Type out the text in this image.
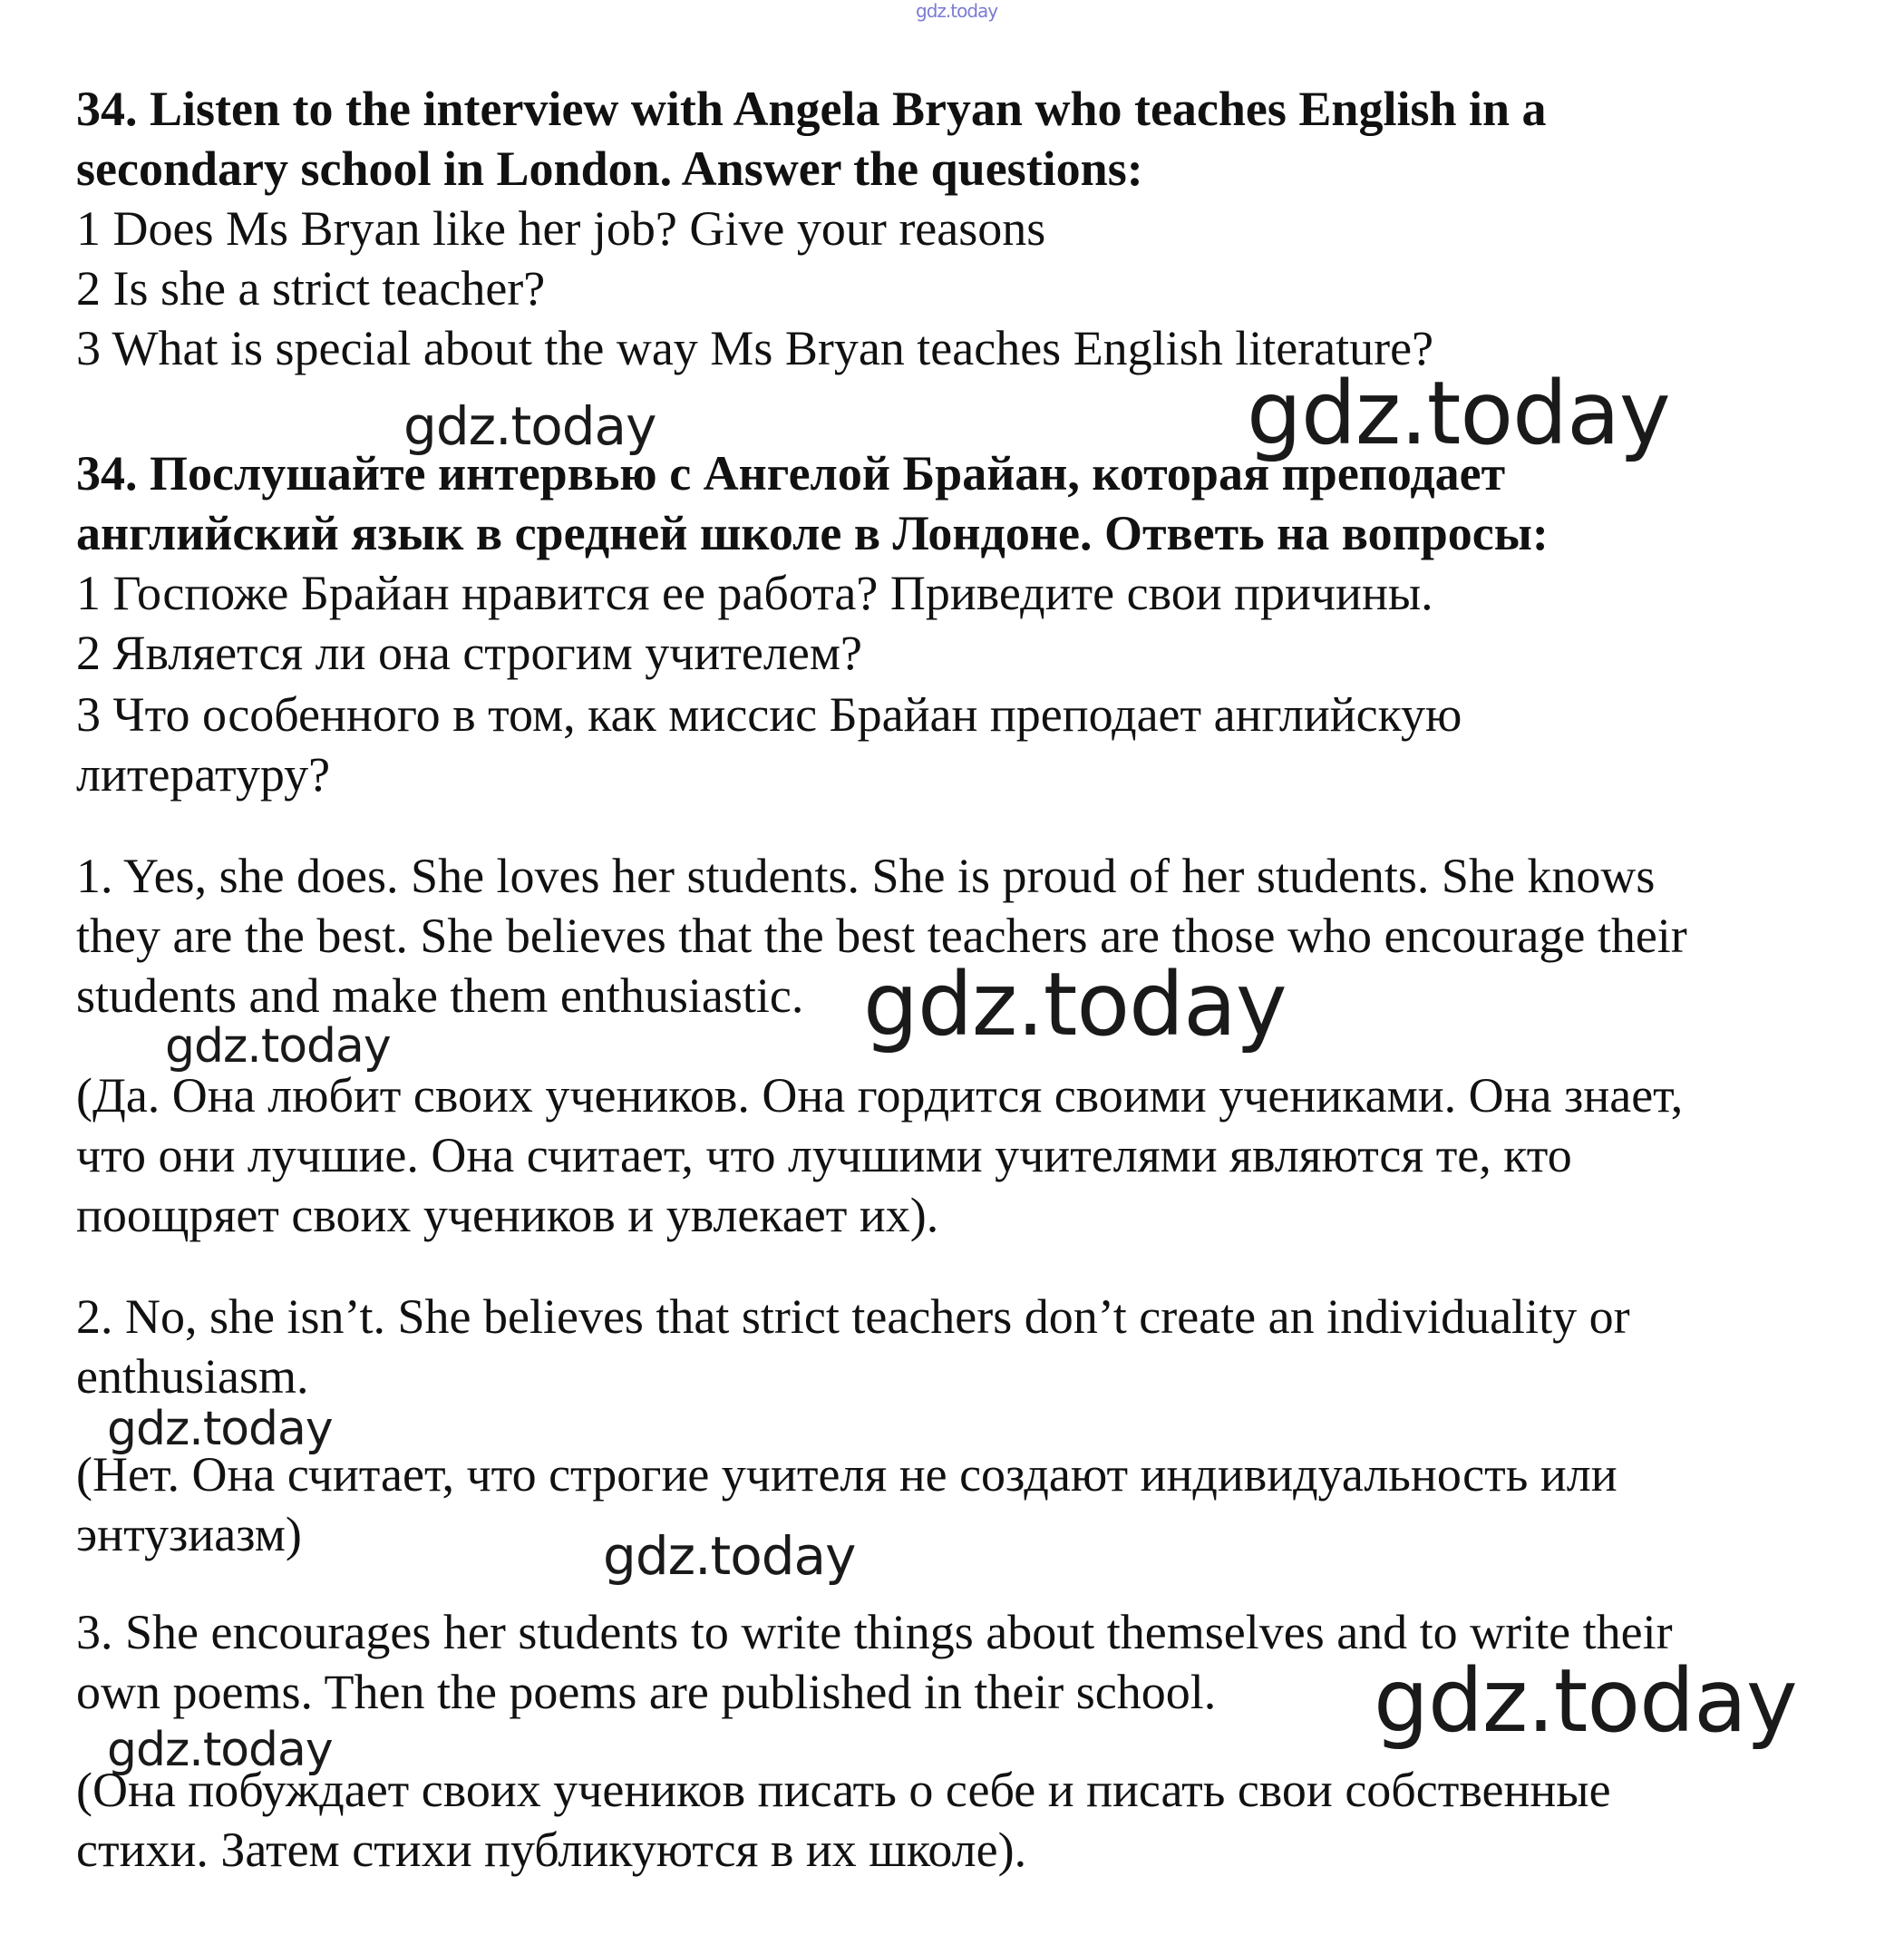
gdz.today

34. Listen to the interview with Angela Bryan who teaches English in a

secondary school in London. Answer the questions:

1 Does Ms Bryan like her job? Give your reasons

2 Is she a strict teacher?

3 What is special about the way Ms Bryan teaches English literature?

gdz.today	gdz.today

34. Послушайте интервью с Ангелой Брайан, которая преподает

английский язык в средней школе в Лондоне. Ответь на вопросы:

1 Госпоже Брайан нравится ее работа? Приведите свои причины.

2 Является ли она строгим учителем?

3 Что особенного в том, как миссис Брайан преподает английскую

литературу?

1. Yes, she does. She loves her students. She is proud of her students. She knows

they are the best. She believes that the best teachers are those who encourage their

students and make them enthusiastic. gdz.today
gdz.today

(Да. Она любит своих учеников. Она гордится своими учениками. Она знает,

что они лучшие. Она считает, что лучшими учителями являются те, кто

поощряет своих учеников и увлекает их).

2. No, she isn’t. She believes that strict teachers don’t create an individuality or

enthusiasm.

gdz.today

(Нет. Она считает, что строгие учителя не создают индивидуальность или

энтузиазм)	gdz.today

3. She encourages her students to write things about themselves and to write their

own poems. Then the poems are published in their school. gdz.today
gdz.today

(Она побуждает своих учеников писать о себе и писать свои собственные

стихи. Затем стихи публикуются в их школе).
